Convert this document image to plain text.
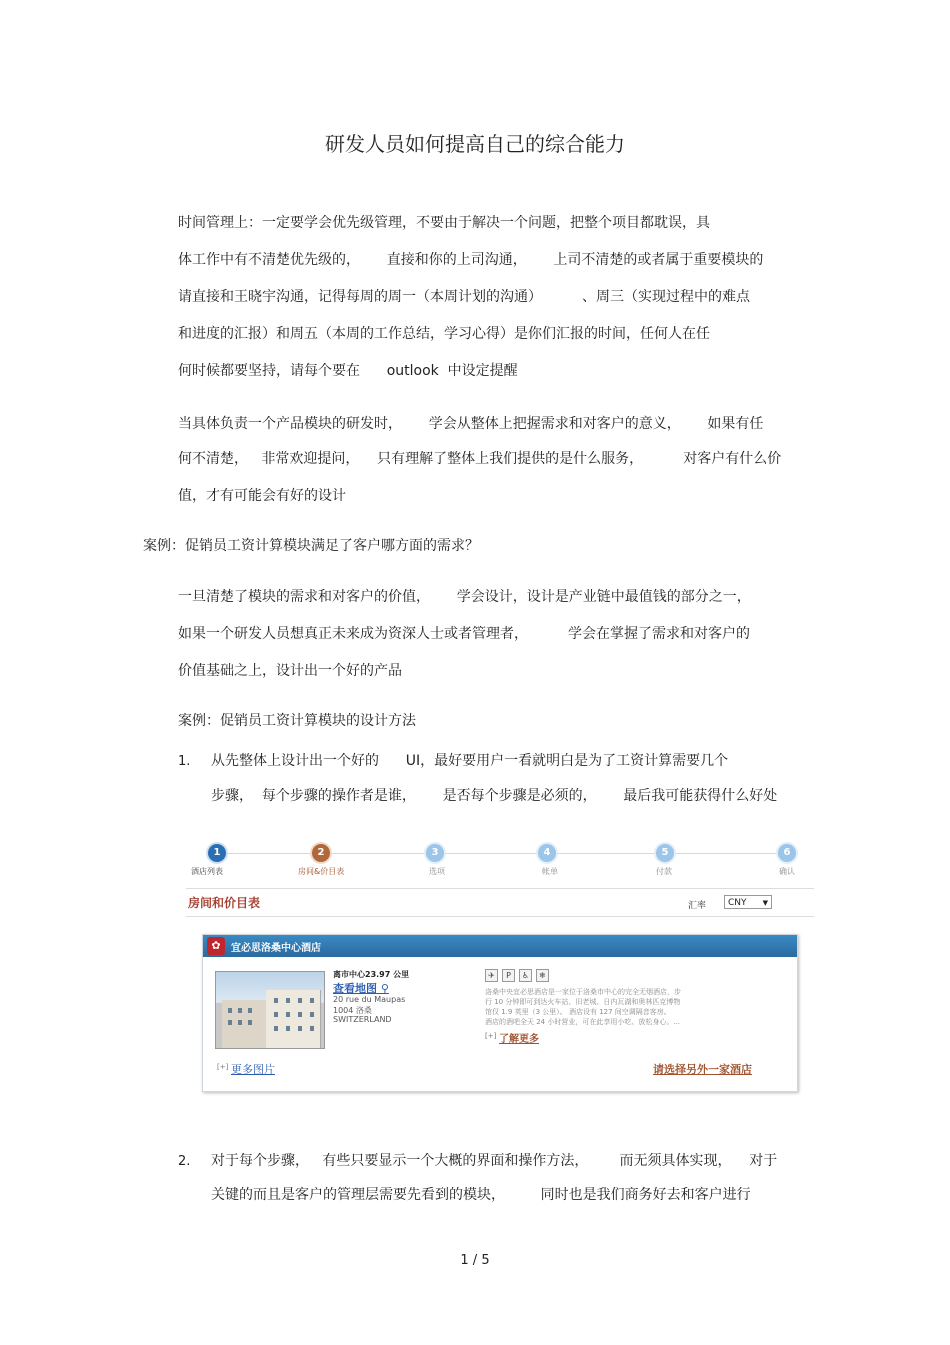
研发人员如何提高自己的综合能力
时间管理上：一定要学会优先级管理，不要由于解决一个问题，把整个项目都耽误，具
体工作中有不清楚优先级的，      直接和你的上司沟通，      上司不清楚的或者属于重要模块的
请直接和王晓宇沟通，记得每周的周一（本周计划的沟通）         、周三（实现过程中的难点
和进度的汇报）和周五（本周的工作总结，学习心得）是你们汇报的时间，任何人在任
何时候都要坚持，请每个要在      outlook  中设定提醒
当具体负责一个产品模块的研发时，      学会从整体上把握需求和对客户的意义，      如果有任
何不清楚，   非常欢迎提问，    只有理解了整体上我们提供的是什么服务，         对客户有什么价
值，才有可能会有好的设计
案例：促销员工资计算模块满足了客户哪方面的需求？
一旦清楚了模块的需求和对客户的价值，      学会设计，设计是产业链中最值钱的部分之一，
如果一个研发人员想真正未来成为资深人士或者管理者，         学会在掌握了需求和对客户的
价值基础之上，设计出一个好的产品
案例：促销员工资计算模块的设计方法
1. 从先整体上设计出一个好的      UI，最好要用户一看就明白是为了工资计算需要几个
步骤，  每个步骤的操作者是谁，      是否每个步骤是必须的，      最后我可能获得什么好处
1	2	3	4	5	6
酒店列表	房间&价目表	选项	帐单	付款	确认
房间和价目表	汇率	CNY ▼
✿	宜必思洛桑中心酒店
离市中心23.97 公里
查看地图 ⚲
20 rue du Maupas
1004 洛桑
SWITZERLAND
✈ P ♿ ❄
洛桑中央宜必思酒店是一家位于洛桑市中心的完全无烟酒店，步
行 10 分钟即可到达火车站、旧老城、日内瓦湖和奥林匹克博物
馆仅 1.9 英里（3 公里）。 酒店设有 127 间空调隔音客房。
酒店的酒吧全天 24 小时营业，可在此享用小吃、放松身心。...
[+] 了解更多
[+] 更多图片	请选择另外一家酒店
2. 对于每个步骤，   有些只要显示一个大概的界面和操作方法，       而无须具体实现，    对于
关键的而且是客户的管理层需要先看到的模块，        同时也是我们商务好去和客户进行
1 / 5
